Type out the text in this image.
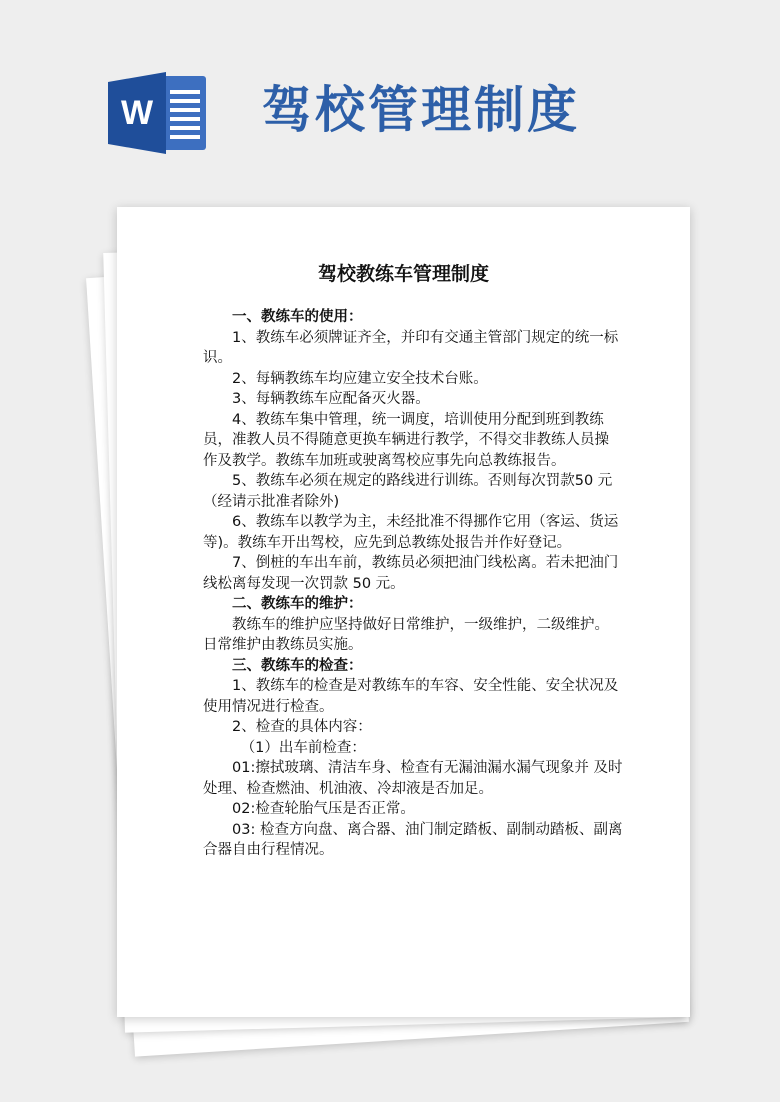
W 驾校管理制度
驾校教练车管理制度

一、教练车的使用：

1、教练车必须牌证齐全，并印有交通主管部门规定的统一标识。

2、每辆教练车均应建立安全技术台账。

3、每辆教练车应配备灭火器。

4、教练车集中管理，统一调度，培训使用分配到班到教练员，准教人员不得随意更换车辆进行教学，不得交非教练人员操作及教学。教练车加班或驶离驾校应事先向总教练报告。

5、教练车必须在规定的路线进行训练。否则每次罚款50 元（经请示批准者除外)

6、教练车以教学为主，未经批准不得挪作它用（客运、货运等)。教练车开出驾校，应先到总教练处报告并作好登记。

7、倒桩的车出车前，教练员必须把油门线松离。若未把油门线松离每发现一次罚款 50 元。

二、教练车的维护：

教练车的维护应坚持做好日常维护，一级维护，二级维护。日常维护由教练员实施。

三、教练车的检查：

1、教练车的检查是对教练车的车容、安全性能、安全状况及使用情况进行检查。

2、检查的具体内容：

（1）出车前检查：

01:擦拭玻璃、清洁车身、检查有无漏油漏水漏气现象并 及时处理、检查燃油、机油液、冷却液是否加足。

02:检查轮胎气压是否正常。

03: 检查方向盘、离合器、油门制定踏板、副制动踏板、副离合器自由行程情况。
